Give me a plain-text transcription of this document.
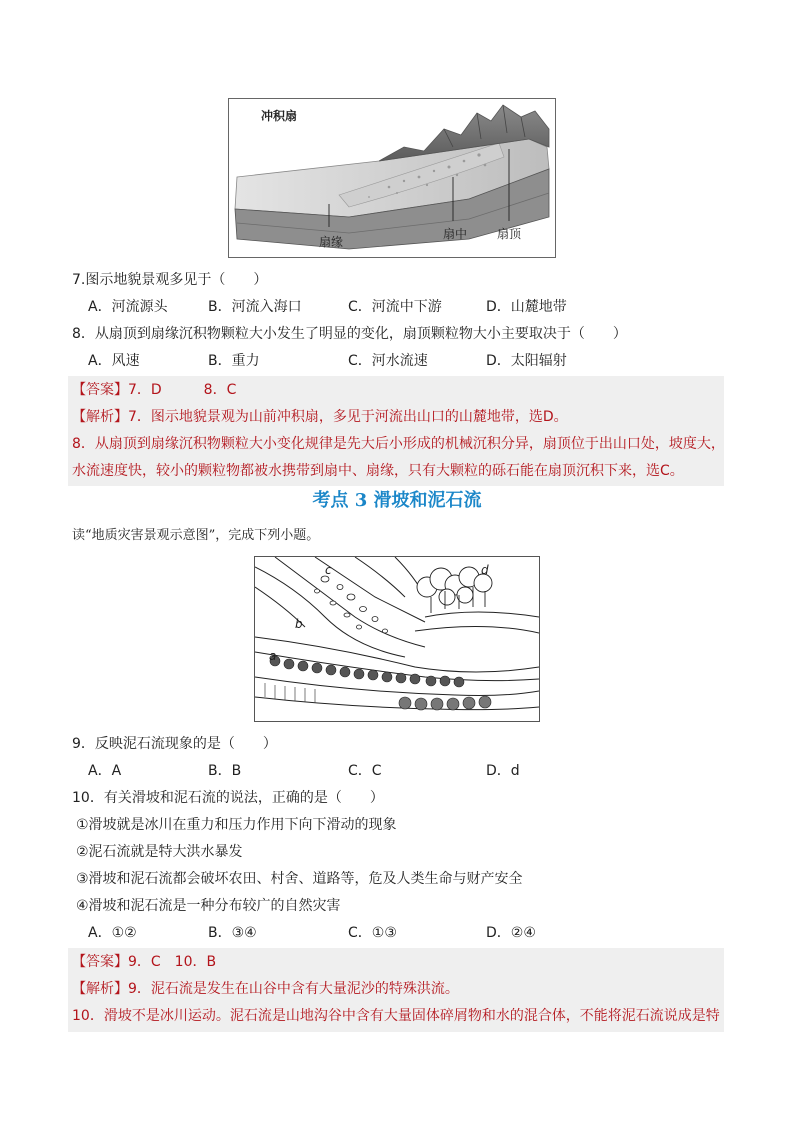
冲积扇
扇缘
扇中 扇顶
7.图示地貌景观多见于（　　）
A．河流源头	B．河流入海口	C．河流中下游	D．山麓地带
8．从扇顶到扇缘沉积物颗粒大小发生了明显的变化，扇顶颗粒物大小主要取决于（　　）
A．风速	B．重力	C．河水流速	D．太阳辐射
【答案】7．D　　　8．C
【解析】7．图示地貌景观为山前冲积扇，多见于河流出山口的山麓地带，选D。
8．从扇顶到扇缘沉积物颗粒大小变化规律是先大后小形成的机械沉积分异，扇顶位于出山口处，坡度大，
水流速度快，较小的颗粒物都被水携带到扇中、扇缘，只有大颗粒的砾石能在扇顶沉积下来，选C。
考点 3 滑坡和泥石流
读“地质灾害景观示意图”，完成下列小题。
a
b
c	d
9．反映泥石流现象的是（　　）
A．A	B．B	C．C	D．d
10．有关滑坡和泥石流的说法，正确的是（　　）
①滑坡就是冰川在重力和压力作用下向下滑动的现象
②泥石流就是特大洪水暴发
③滑坡和泥石流都会破坏农田、村舍、道路等，危及人类生命与财产安全
④滑坡和泥石流是一种分布较广的自然灾害
A．①②	B．③④	C．①③	D．②④
【答案】9．C　10．B
【解析】9．泥石流是发生在山谷中含有大量泥沙的特殊洪流。
10．滑坡不是冰川运动。泥石流是山地沟谷中含有大量固体碎屑物和水的混合体，不能将泥石流说成是特
